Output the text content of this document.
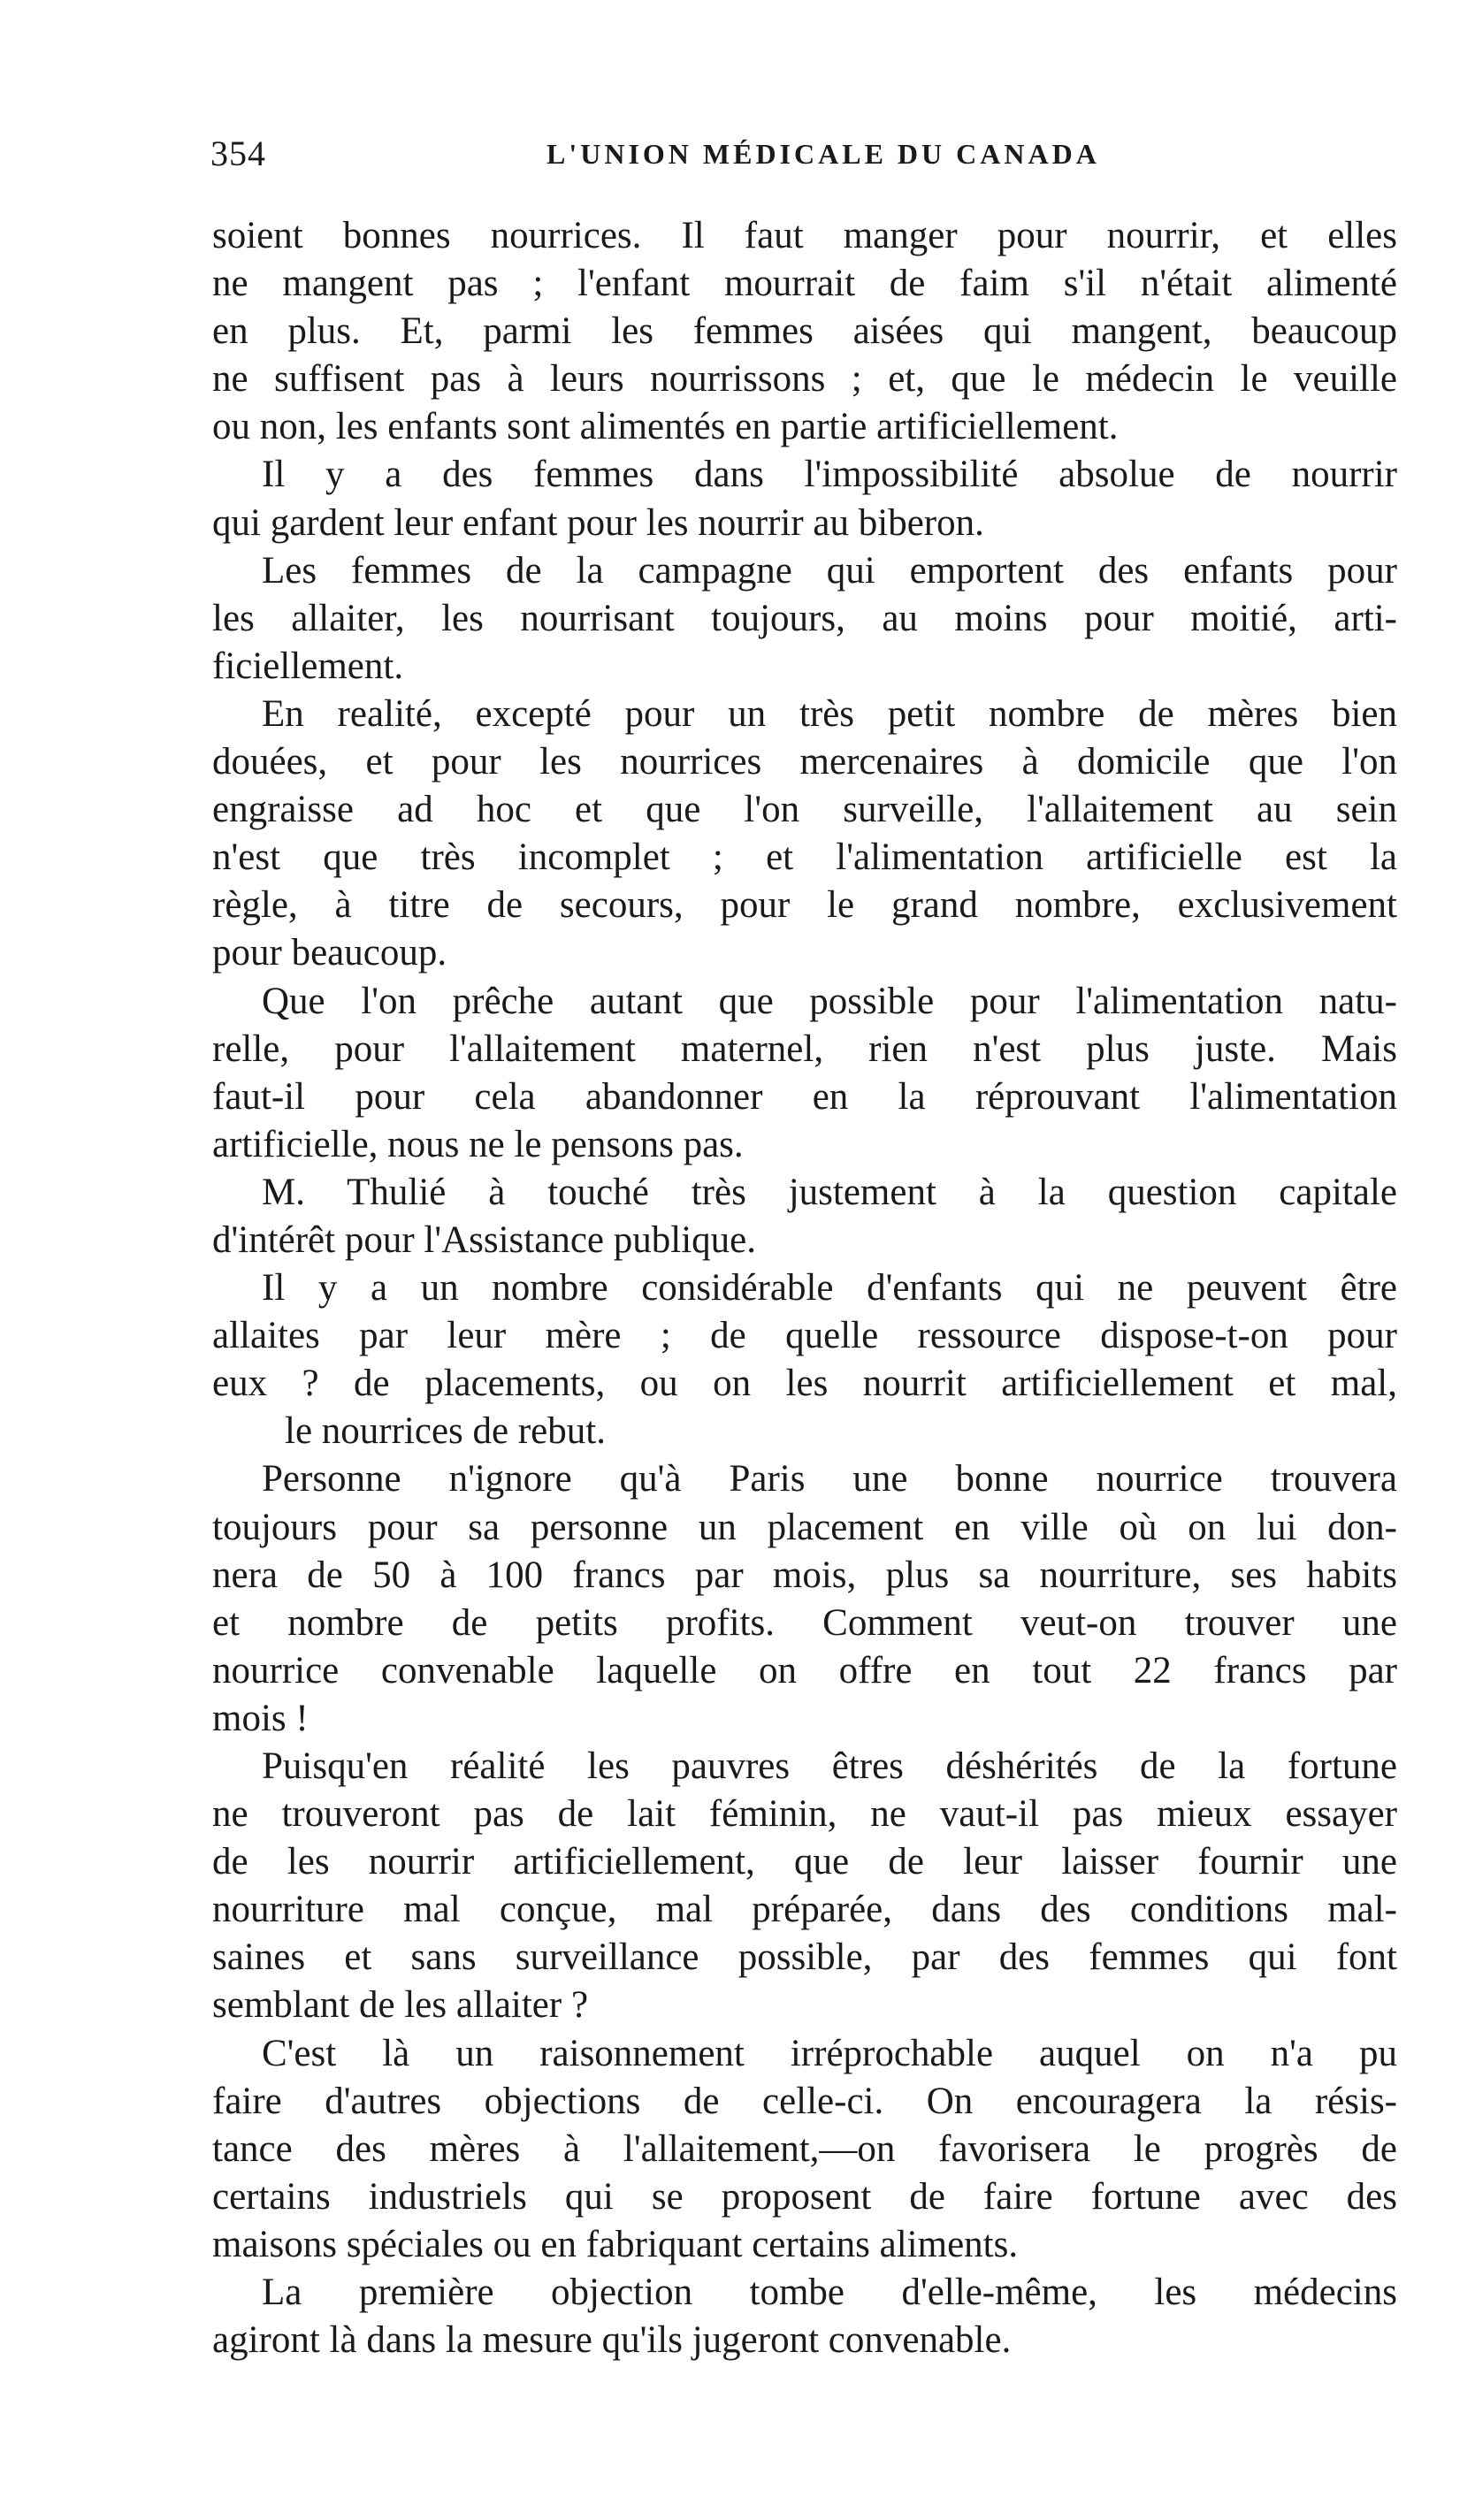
354	L'UNION MÉDICALE DU CANADA
soient bonnes nourrices. Il faut manger pour nourrir, et elles
ne mangent pas ; l'enfant mourrait de faim s'il n'était alimenté
en plus. Et, parmi les femmes aisées qui mangent, beaucoup
ne suffisent pas à leurs nourrissons ; et, que le médecin le veuille
ou non, les enfants sont alimentés en partie artificiellement.
Il y a des femmes dans l'impossibilité absolue de nourrir
qui gardent leur enfant pour les nourrir au biberon.
Les femmes de la campagne qui emportent des enfants pour
les allaiter, les nourrisant toujours, au moins pour moitié, arti-
ficiellement.
En realité, excepté pour un très petit nombre de mères bien
douées, et pour les nourrices mercenaires à domicile que l'on
engraisse ad hoc et que l'on surveille, l'allaitement au sein
n'est que très incomplet ; et l'alimentation artificielle est la
règle, à titre de secours, pour le grand nombre, exclusivement
pour beaucoup.
Que l'on prêche autant que possible pour l'alimentation natu-
relle, pour l'allaitement maternel, rien n'est plus juste. Mais
faut-il pour cela abandonner en la réprouvant l'alimentation
artificielle, nous ne le pensons pas.
M. Thulié à touché très justement à la question capitale
d'intérêt pour l'Assistance publique.
Il y a un nombre considérable d'enfants qui ne peuvent être
allaites par leur mère ; de quelle ressource dispose-t-on pour
eux ? de placements, ou on les nourrit artificiellement et mal,
le nourrices de rebut.
Personne n'ignore qu'à Paris une bonne nourrice trouvera
toujours pour sa personne un placement en ville où on lui don-
nera de 50 à 100 francs par mois, plus sa nourriture, ses habits
et nombre de petits profits. Comment veut-on trouver une
nourrice convenable laquelle on offre en tout 22 francs par
mois !
Puisqu'en réalité les pauvres êtres déshérités de la fortune
ne trouveront pas de lait féminin, ne vaut-il pas mieux essayer
de les nourrir artificiellement, que de leur laisser fournir une
nourriture mal conçue, mal préparée, dans des conditions mal-
saines et sans surveillance possible, par des femmes qui font
semblant de les allaiter ?
C'est là un raisonnement irréprochable auquel on n'a pu
faire d'autres objections de celle-ci. On encouragera la résis-
tance des mères à l'allaitement,—on favorisera le progrès de
certains industriels qui se proposent de faire fortune avec des
maisons spéciales ou en fabriquant certains aliments.
La première objection tombe d'elle-même, les médecins
agiront là dans la mesure qu'ils jugeront convenable.
